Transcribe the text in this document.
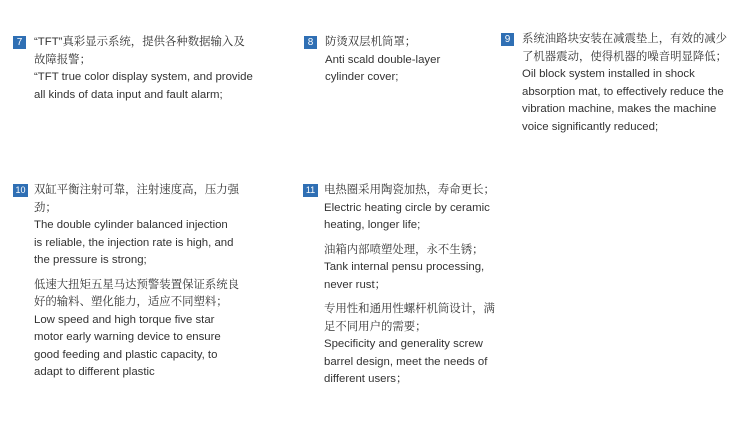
7	“TFT”真彩显示系统，提供各种数据输入及
故障报警；
“TFT true color display system, and provide
all kinds of data input and fault alarm;
8	防烫双层机筒罩；
Anti scald double-layer
cylinder cover;
9	系统油路块安装在减震垫上，有效的减少
了机器震动，使得机器的噪音明显降低；
Oil block system installed in shock
absorption mat, to effectively reduce the
vibration machine, makes the machine
voice significantly reduced;
10 双缸平衡注射可靠，注射速度高，压力强
劲；
The double cylinder balanced injection
is reliable, the injection rate is high, and
the pressure is strong;
低速大扭矩五星马达预警装置保证系统良
好的输料、塑化能力，适应不同塑料；
Low speed and high torque five star
motor early warning device to ensure
good feeding and plastic capacity, to
adapt to different plastic
11 电热圈采用陶瓷加热，寿命更长；
Electric heating circle by ceramic
heating, longer life;
油箱内部喷塑处理，永不生锈；
Tank internal pensu processing,
never rust；
专用性和通用性螺杆机筒设计，满
足不同用户的需要；
Specificity and generality screw
barrel design, meet the needs of
different users；
